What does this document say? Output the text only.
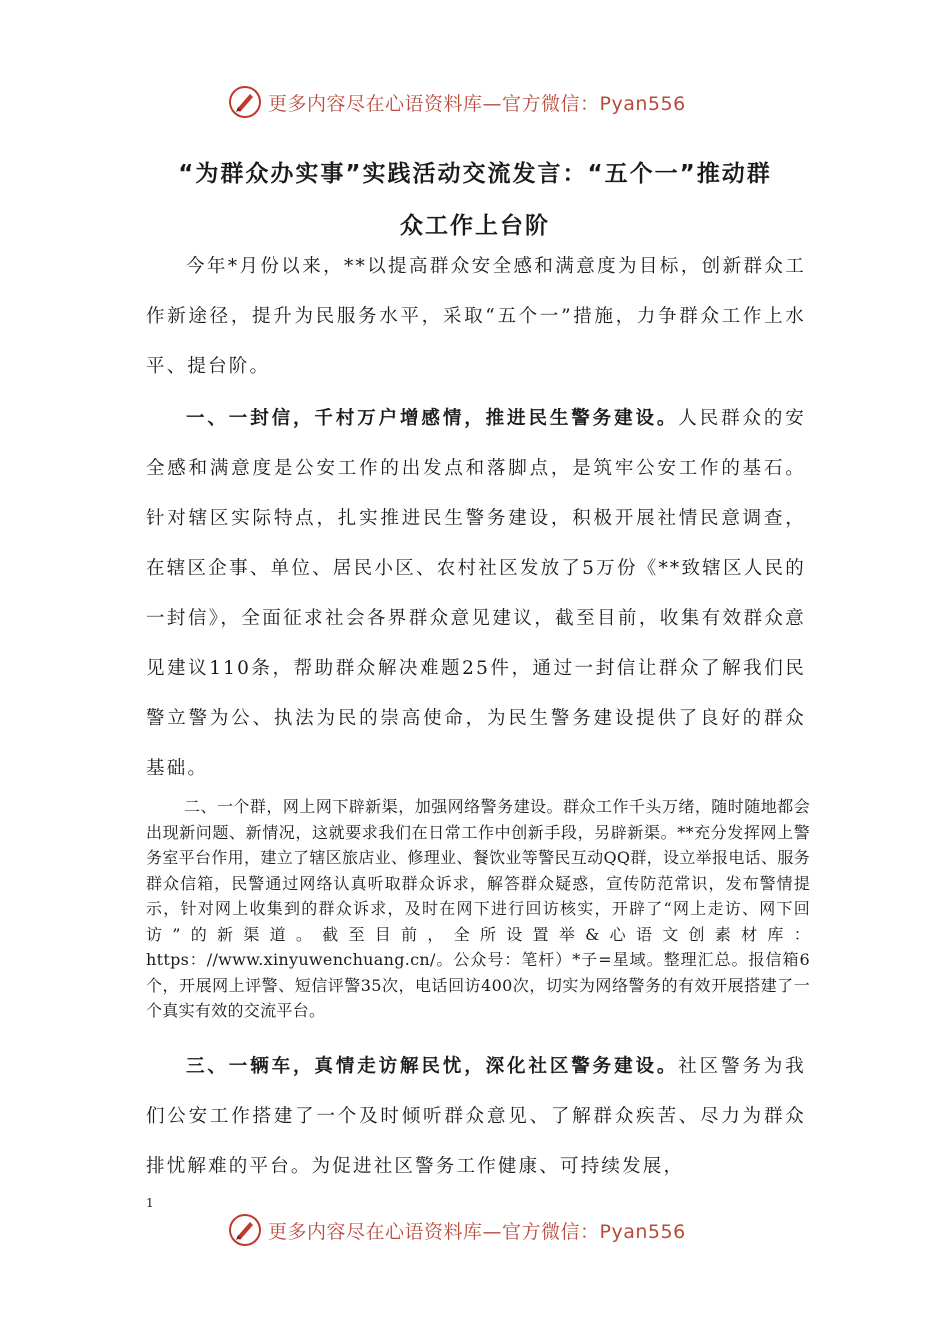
更多内容尽在心语资料库—官方微信：Pyan556
“为群众办实事”实践活动交流发言：“五个一”推动群
众工作上台阶

今年*月份以来，**以提高群众安全感和满意度为目标，创新群众工作新途径，提升为民服务水平，采取“五个一”措施，力争群众工作上水平、提台阶。

一、一封信，千村万户增感情，推进民生警务建设。人民群众的安全感和满意度是公安工作的出发点和落脚点，是筑牢公安工作的基石。针对辖区实际特点，扎实推进民生警务建设，积极开展社情民意调查，在辖区企事、单位、居民小区、农村社区发放了5万份《**致辖区人民的一封信》，全面征求社会各界群众意见建议，截至目前，收集有效群众意见建议110条，帮助群众解决难题25件，通过一封信让群众了解我们民警立警为公、执法为民的崇高使命，为民生警务建设提供了良好的群众基础。

二、一个群，网上网下辟新渠，加强网络警务建设。群众工作千头万绪，随时随地都会出现新问题、新情况，这就要求我们在日常工作中创新手段，另辟新渠。**充分发挥网上警务室平台作用，建立了辖区旅店业、修理业、餐饮业等警民互动QQ群，设立举报电话、服务群众信箱，民警通过网络认真听取群众诉求，解答群众疑惑，宣传防范常识，发布警情提示，针对网上收集到的群众诉求，及时在网下进行回访核实，开辟了“网上走访、网下回访”的新渠道。截至目前，全所设置举&心语文创素材库：https：//www.xinyuwenchuang.cn/。公众号：笔杆）*子=星域。整理汇总。报信箱6个，开展网上评警、短信评警35次，电话回访400次，切实为网络警务的有效开展搭建了一个真实有效的交流平台。

三、一辆车，真情走访解民忧，深化社区警务建设。社区警务为我们公安工作搭建了一个及时倾听群众意见、了解群众疾苦、尽力为群众排忧解难的平台。为促进社区警务工作健康、可持续发展，

1
更多内容尽在心语资料库—官方微信：Pyan556
